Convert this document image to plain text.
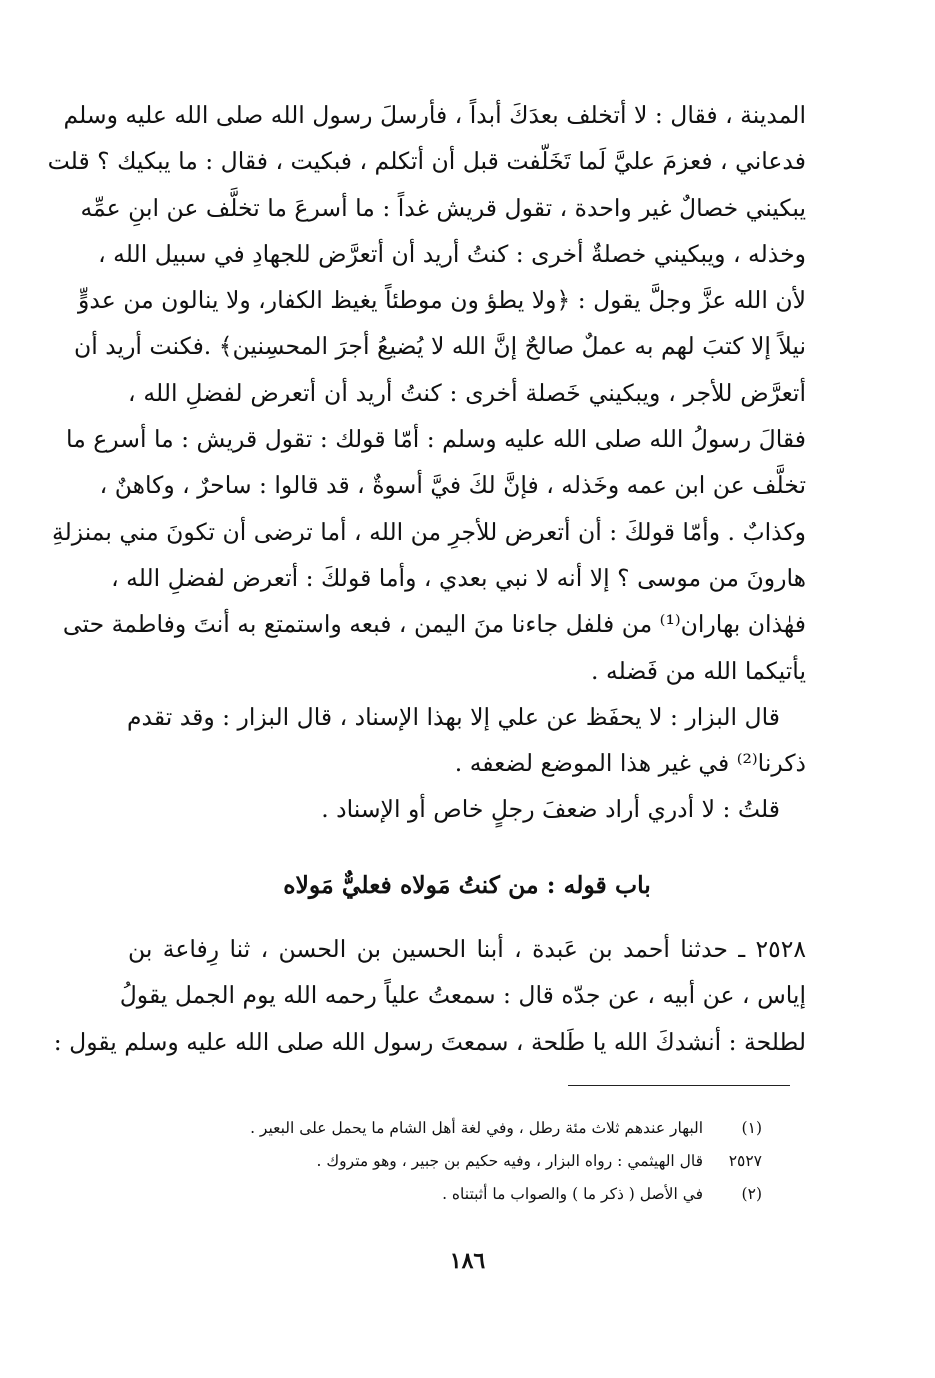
المدينة ، فقال : لا أتخلف بعدَكَ أبداً ، فأرسلَ رسول الله صلى الله عليه وسلم
فدعاني ، فعزمَ عليَّ لَما تَخَلّفت قبل أن أتكلم ، فبكيت ، فقال : ما يبكيك ؟ قلت
يبكيني خصالٌ غير واحدة ، تقول قريش غداً : ما أسرعَ ما تخلَّف عن ابنِ عمِّه
وخذله ، ويبكيني خصلةٌ أخرى : كنتُ أريد أن أتعرَّض للجهادِ في سبيل الله ،
لأن الله عزَّ وجلَّ يقول : ﴿ولا يطؤ ون موطئاً يغيظ الكفار، ولا ينالون من عدوٍّ
نيلاً إلا كتبَ لهم به عملٌ صالحٌ إنَّ الله لا يُضيعُ أجرَ المحسِنين﴾ .فكنت أريد أن
أتعرَّض للأجر ، ويبكيني خَصلة أخرى : كنتُ أريد أن أتعرض لفضلِ الله ،
فقالَ رسولُ الله صلى الله عليه وسلم : أمّا قولك : تقول قريش : ما أسرع ما
تخلَّف عن ابن عمه وخَذله ، فإنَّ لكَ فيَّ أسوةٌ ، قد قالوا : ساحرٌ ، وكاهنٌ ،
وكذابٌ . وأمّا قولكَ : أن أتعرض للأجرِ من الله ، أما ترضى أن تكونَ مني بمنزلةِ
هارونَ من موسى ؟ إلا أنه لا نبي بعدي ، وأما قولكَ : أتعرض لفضلِ الله ،
فهٰذان بهاران⁽¹⁾ من فلفل جاءنا منَ اليمن ، فبعه واستمتع به أنتَ وفاطمة حتى
يأتيكما الله من فَضله .
قال البزار : لا يحفَظ عن علي إلا بهذا الإسناد ، قال البزار : وقد تقدم
ذكرنا⁽²⁾ في غير هذا الموضع لضعفه .
قلتُ : لا أدري أراد ضعفَ رجلٍ خاص أو الإسناد .
باب قوله : من كنتُ مَولاه فعليٌّ مَولاه
٢٥٢٨ ـ حدثنا أحمد بن عَبدة ، أبنا الحسين بن الحسن ، ثنا رِفاعة بن
إياس ، عن أبيه ، عن جدّه قال : سمعتُ علياً رحمه الله يوم الجمل يقولُ
لطلحة : أنشدكَ الله يا طَلحة ، سمعتَ رسول الله صلى الله عليه وسلم يقول :
(١) البهار عندهم ثلاث مئة رطل ، وفي لغة أهل الشام ما يحمل على البعير .
٢٥٢٧ قال الهيثمي : رواه البزار ، وفيه حكيم بن جبير ، وهو متروك .
(٢) في الأصل ( ذكر ما ) والصواب ما أثبتناه .
١٨٦
